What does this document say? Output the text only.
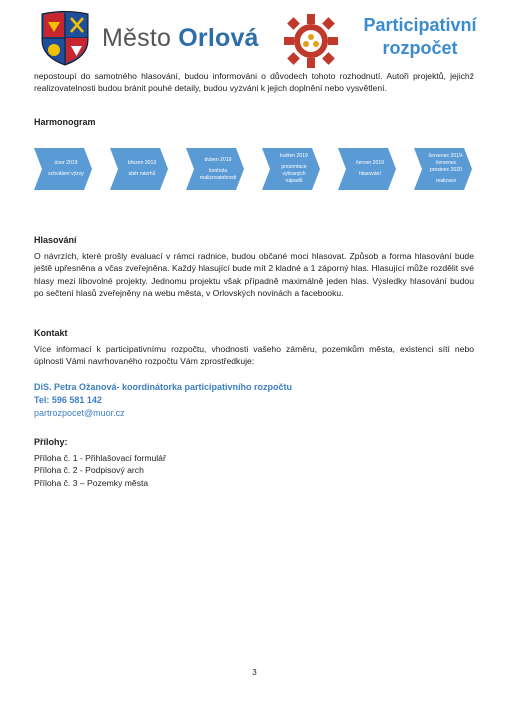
Město Orlová	Participativní
rozpočet
nepostoupí do samotného hlasování, budou informováni o důvodech tohoto rozhodnutí. Autoři projektů, jejichž realizovatelnosti budou bránit pouhé detaily, budou vyzváni k jejich doplnění nebo vysvětlení.
Harmonogram
únor 2019
schválení výzvy
březen 2019
sběr návrhů
duben 2019
kontrola realizovatelnosti
květen 2019
prezentace vybraných nápadů
červen 2019
hlasování
červenec 2019-červenec prosinec 2020
realizace
Hlasování
O návrzích, které prošly evaluací v rámci radnice, budou občané moci hlasovat. Způsob a forma hlasování bude ještě upřesněna a včas zveřejněna. Každý hlasující bude mít 2 kladné a 1 záporný hlas. Hlasující může rozdělit své hlasy mezi libovolné projekty. Jednomu projektu však případně maximálně jeden hlas. Výsledky hlasování budou po sečtení hlasů zveřejněny na webu města, v Orlovských novinách a facebooku.
Kontakt
Více informací k participativnímu rozpočtu, vhodnosti vašeho záměru, pozemkům města, existenci sítí nebo úplnosti Vámi navrhovaného rozpočtu Vám zprostředkuje:
DiS. Petra Ožanová- koordinátorka participativního rozpočtu
Tel: 596 581 142
partrozpocet@muor.cz
Přílohy:
Příloha č. 1 - Přihlašovací formulář
Příloha č. 2 - Podpisový arch
Příloha č. 3 – Pozemky města
3
